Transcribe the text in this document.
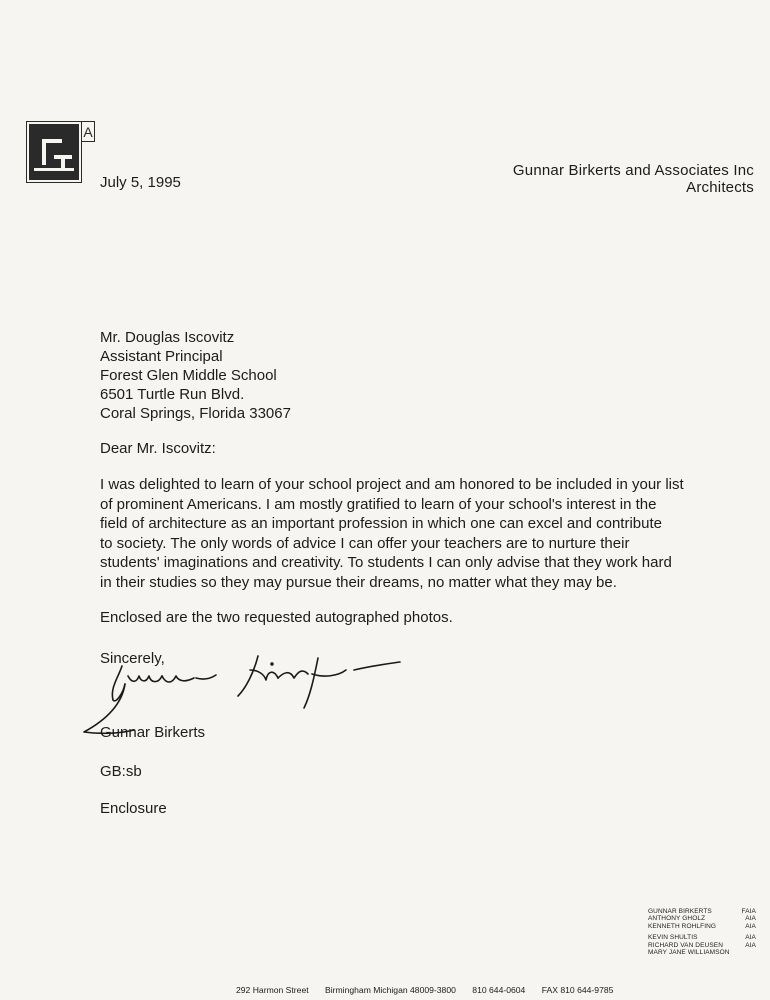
A
July 5, 1995
Gunnar Birkerts and Associates Inc
Architects
Mr. Douglas Iscovitz
Assistant Principal
Forest Glen Middle School
6501 Turtle Run Blvd.
Coral Springs, Florida 33067
Dear Mr. Iscovitz:
I was delighted to learn of your school project and am honored to be included in your list
of prominent Americans. I am mostly gratified to learn of your school's interest in the
field of architecture as an important profession in which one can excel and contribute
to society. The only words of advice I can offer your teachers are to nurture their
students' imaginations and creativity. To students I can only advise that they work hard
in their studies so they may pursue their dreams, no matter what they may be.
Enclosed are the two requested autographed photos.
Sincerely,
Gunnar Birkerts
GB:sb
Enclosure
GUNNAR BIRKERTS	FAIA
ANTHONY GHOLZ	AIA
KENNETH ROHLFING	AIA
KEVIN SHULTIS	AIA
RICHARD VAN DEUSEN	AIA
MARY JANE WILLIAMSON
292 Harmon Street Birmingham Michigan 48009-3800 810 644-0604 FAX 810 644-9785
